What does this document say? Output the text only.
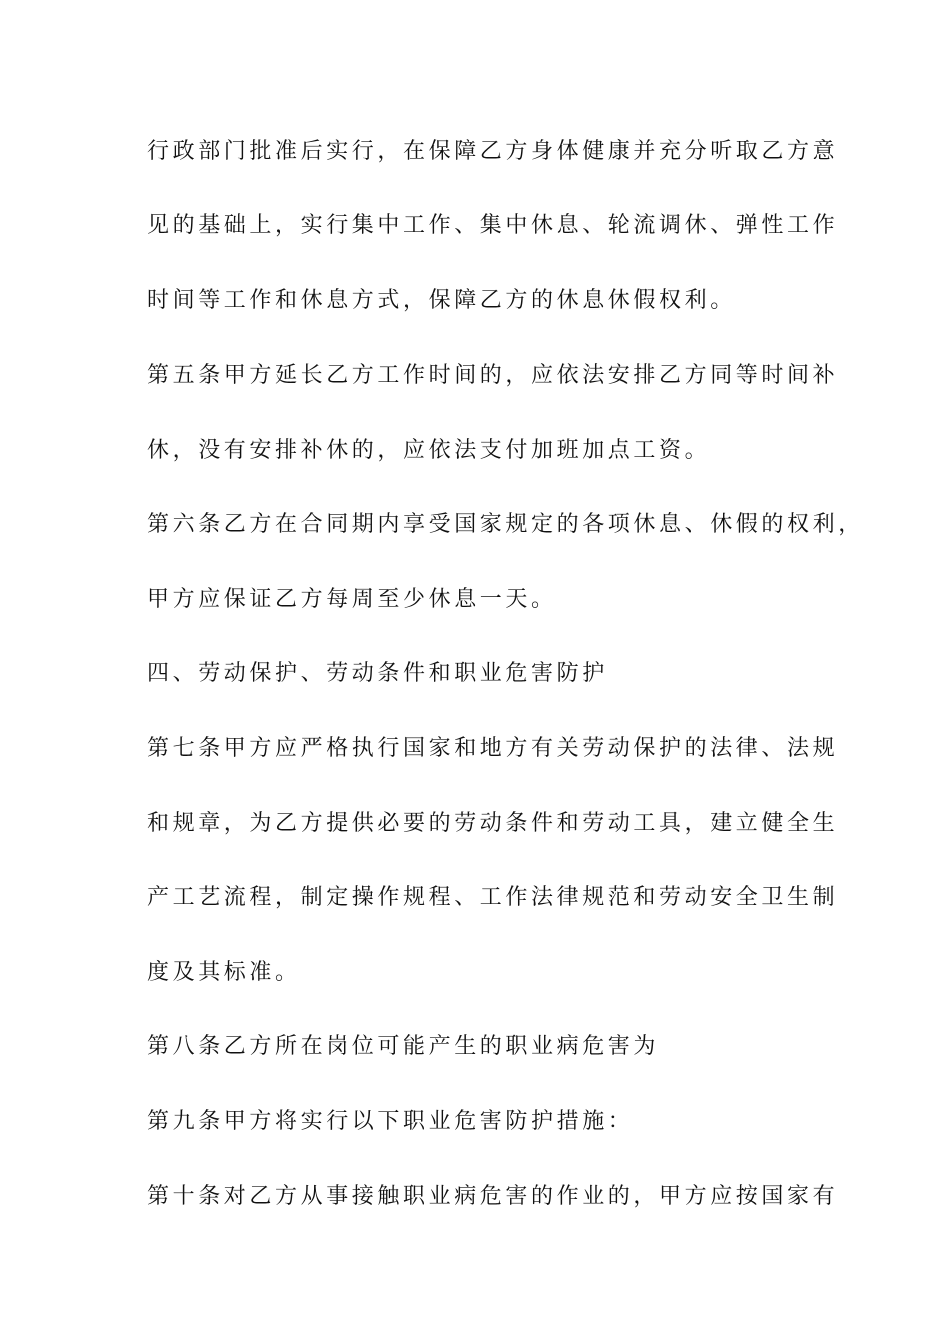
行政部门批准后实行，在保障乙方身体健康并充分听取乙方意
见的基础上，实行集中工作、集中休息、轮流调休、弹性工作
时间等工作和休息方式，保障乙方的休息休假权利。
第五条甲方延长乙方工作时间的，应依法安排乙方同等时间补
休，没有安排补休的，应依法支付加班加点工资。
第六条乙方在合同期内享受国家规定的各项休息、休假的权利，
甲方应保证乙方每周至少休息一天。
四、劳动保护、劳动条件和职业危害防护
第七条甲方应严格执行国家和地方有关劳动保护的法律、法规
和规章，为乙方提供必要的劳动条件和劳动工具，建立健全生
产工艺流程，制定操作规程、工作法律规范和劳动安全卫生制
度及其标准。
第八条乙方所在岗位可能产生的职业病危害为
第九条甲方将实行以下职业危害防护措施：
第十条对乙方从事接触职业病危害的作业的，甲方应按国家有
